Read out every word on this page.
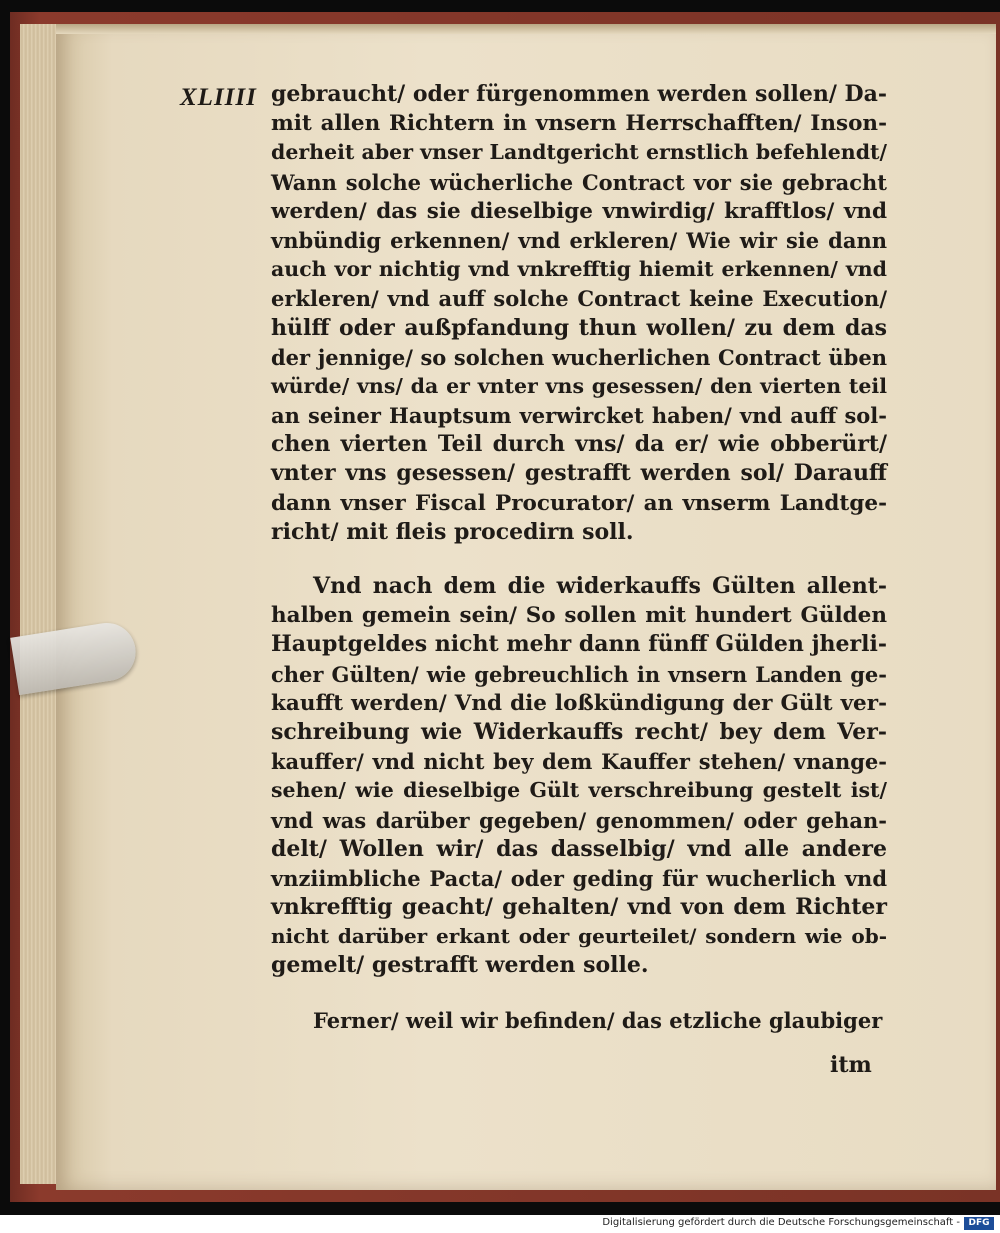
XLIIII gebraucht/ oder fürgenommen werden sollen/ Da-
mit allen Richtern in vnsern Herrschafften/ Inson-
derheit aber vnser Landtgericht ernstlich befehlendt/
Wann solche wücherliche Contract vor sie gebracht
werden/ das sie dieselbige vnwirdig/ krafftlos/ vnd
vnbündig erkennen/ vnd erkleren/ Wie wir sie dann
auch vor nichtig vnd vnkrefftig hiemit erkennen/ vnd
erkleren/ vnd auff solche Contract keine Execution/
hülff oder außpfandung thun wollen/ zu dem das
der jennige/ so solchen wucherlichen Contract üben
würde/ vns/ da er vnter vns gesessen/ den vierten teil
an seiner Hauptsum verwircket haben/ vnd auff sol-
chen vierten Teil durch vns/ da er/ wie obberürt/
vnter vns gesessen/ gestrafft werden sol/ Darauff
dann vnser Fiscal Procurator/ an vnserm Landtge-
richt/ mit fleis procedirn soll.
Vnd nach dem die widerkauffs Gülten allent-
halben gemein sein/ So sollen mit hundert Gülden
Hauptgeldes nicht mehr dann fünff Gülden jherli-
cher Gülten/ wie gebreuchlich in vnsern Landen ge-
kaufft werden/ Vnd die loßkündigung der Gült ver-
schreibung wie Widerkauffs recht/ bey dem Ver-
kauffer/ vnd nicht bey dem Kauffer stehen/ vnange-
sehen/ wie dieselbige Gült verschreibung gestelt ist/
vnd was darüber gegeben/ genommen/ oder gehan-
delt/ Wollen wir/ das dasselbig/ vnd alle andere
vnziimbliche Pacta/ oder geding für wucherlich vnd
vnkrefftig geacht/ gehalten/ vnd von dem Richter
nicht darüber erkant oder geurteilet/ sondern wie ob-
gemelt/ gestrafft werden solle.
Ferner/ weil wir befinden/ das etzliche glaubiger
itm
Digitalisierung gefördert durch die Deutsche Forschungsgemeinschaft - DFG
